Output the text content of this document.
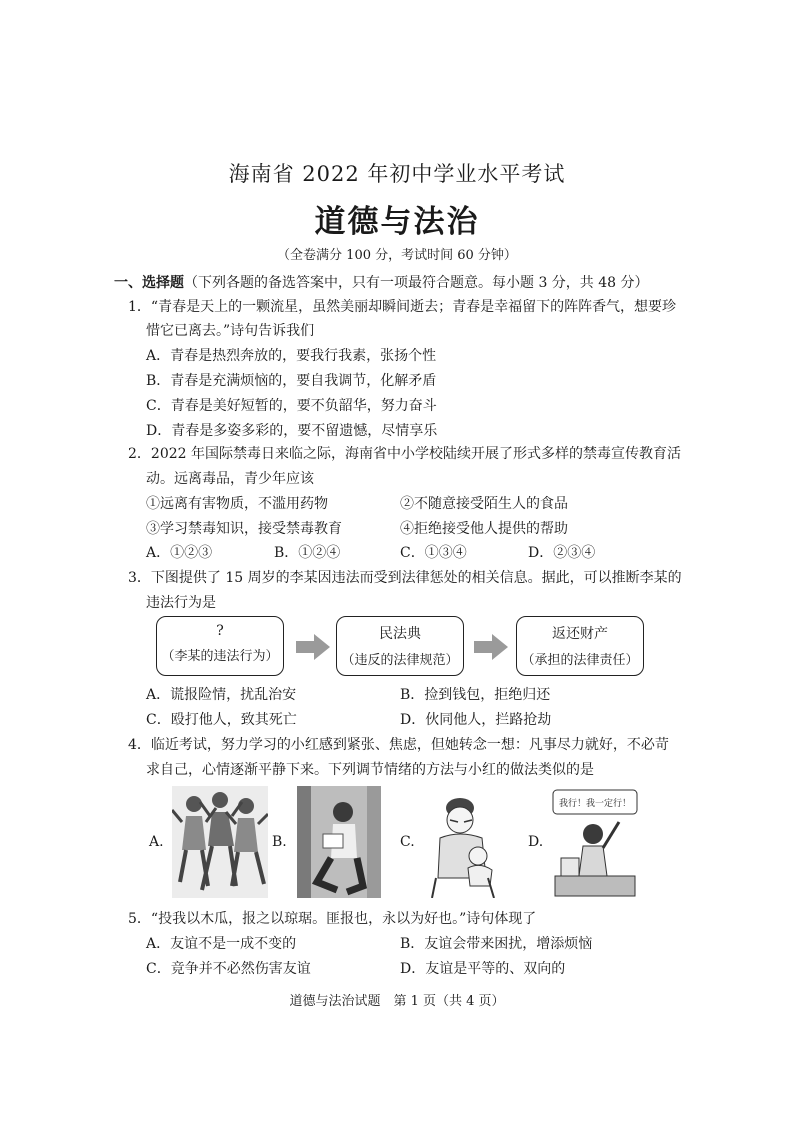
海南省 2022 年初中学业水平考试
道德与法治
（全卷满分 100 分，考试时间 60 分钟）
一、选择题（下列各题的备选答案中，只有一项最符合题意。每小题 3 分，共 48 分）
1．“青春是天上的一颗流星，虽然美丽却瞬间逝去；青春是幸福留下的阵阵香气，想要珍
惜它已离去。”诗句告诉我们
A．青春是热烈奔放的，要我行我素，张扬个性
B．青春是充满烦恼的，要自我调节，化解矛盾
C．青春是美好短暂的，要不负韶华，努力奋斗
D．青春是多姿多彩的，要不留遗憾，尽情享乐
2．2022 年国际禁毒日来临之际，海南省中小学校陆续开展了形式多样的禁毒宣传教育活
动。远离毒品，青少年应该
①远离有害物质，不滥用药物	②不随意接受陌生人的食品
③学习禁毒知识，接受禁毒教育	④拒绝接受他人提供的帮助
A．①②③	B．①②④	C．①③④	D．②③④
3．下图提供了 15 周岁的李某因违法而受到法律惩处的相关信息。据此，可以推断李某的
违法行为是
?
（李某的违法行为）
民法典
（违反的法律规范）
返还财产
（承担的法律责任）
A．谎报险情，扰乱治安	B．捡到钱包，拒绝归还
C．殴打他人，致其死亡	D．伙同他人，拦路抢劫
4．临近考试，努力学习的小红感到紧张、焦虑，但她转念一想：凡事尽力就好，不必苛
求自己，心情逐渐平静下来。下列调节情绪的方法与小红的做法类似的是
A.	B.	C.	D.
我行！我一定行！
5．“投我以木瓜，报之以琼琚。匪报也，永以为好也。”诗句体现了
A．友谊不是一成不变的	B．友谊会带来困扰，增添烦恼
C．竞争并不必然伤害友谊	D．友谊是平等的、双向的
道德与法治试题　第 1 页（共 4 页）
